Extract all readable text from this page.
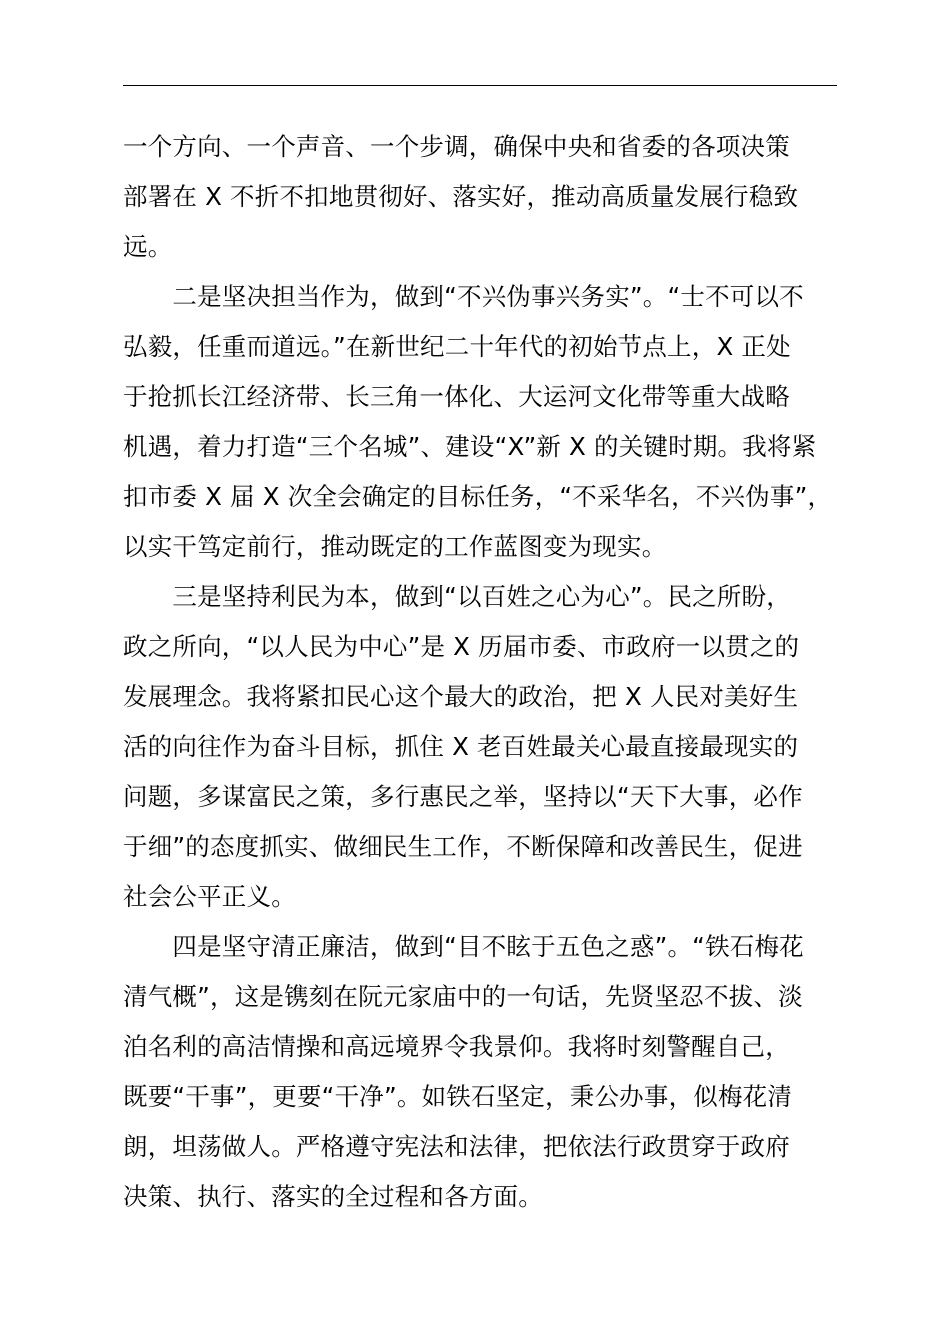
一个方向、一个声音、一个步调，确保中央和省委的各项决策
部署在 X 不折不扣地贯彻好、落实好，推动高质量发展行稳致
远。
　　二是坚决担当作为，做到“不兴伪事兴务实”。“士不可以不
弘毅，任重而道远。”在新世纪二十年代的初始节点上，X 正处
于抢抓长江经济带、长三角一体化、大运河文化带等重大战略
机遇，着力打造“三个名城”、建设“X”新 X 的关键时期。我将紧
扣市委 X 届 X 次全会确定的目标任务，“不采华名，不兴伪事”，
以实干笃定前行，推动既定的工作蓝图变为现实。
　　三是坚持利民为本，做到“以百姓之心为心”。民之所盼，
政之所向，“以人民为中心”是 X 历届市委、市政府一以贯之的
发展理念。我将紧扣民心这个最大的政治，把 X 人民对美好生
活的向往作为奋斗目标，抓住 X 老百姓最关心最直接最现实的
问题，多谋富民之策，多行惠民之举，坚持以“天下大事，必作
于细”的态度抓实、做细民生工作，不断保障和改善民生，促进
社会公平正义。
　　四是坚守清正廉洁，做到“目不眩于五色之惑”。“铁石梅花
清气概”，这是镌刻在阮元家庙中的一句话，先贤坚忍不拔、淡
泊名利的高洁情操和高远境界令我景仰。我将时刻警醒自己，
既要“干事”，更要“干净”。如铁石坚定，秉公办事，似梅花清
朗，坦荡做人。严格遵守宪法和法律，把依法行政贯穿于政府
决策、执行、落实的全过程和各方面。
